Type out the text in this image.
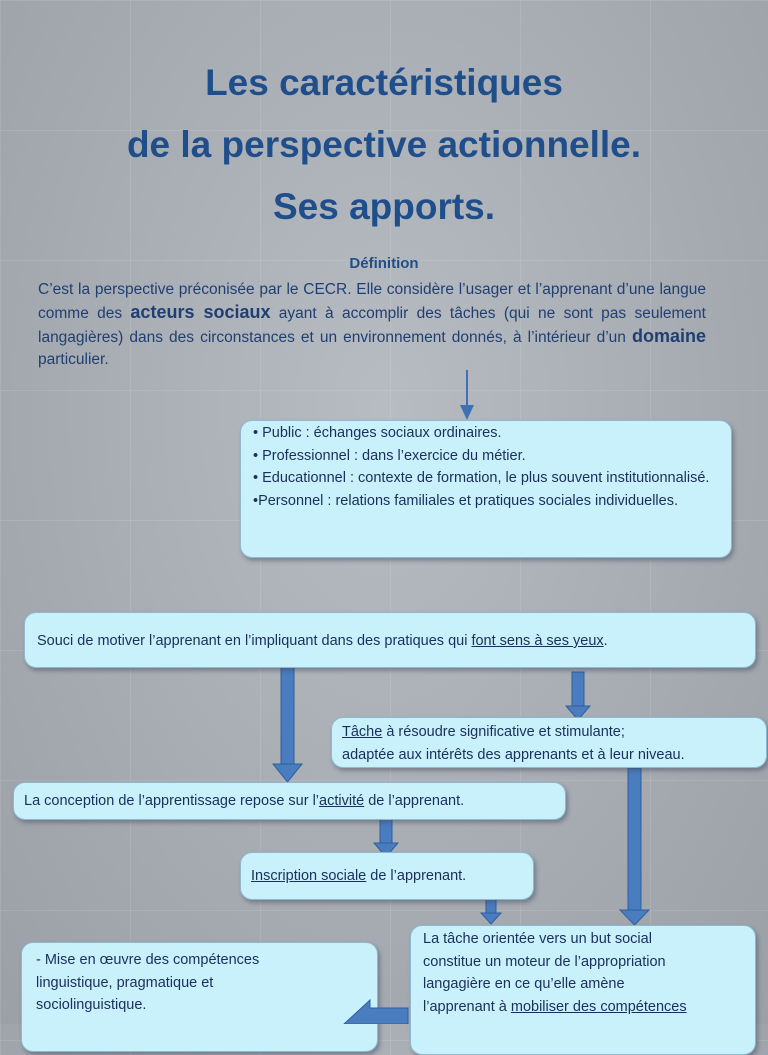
Les caractéristiques
de la perspective actionnelle.
Ses apports.
Définition
C’est la perspective préconisée par le CECR. Elle considère l’usager et l’apprenant d’une langue comme des acteurs sociaux ayant à accomplir des tâches (qui ne sont pas seulement langagières) dans des circonstances et un environnement donnés, à l’intérieur d’un domaine particulier.
• Public : échanges sociaux ordinaires.
• Professionnel : dans l’exercice du métier.
• Educationnel : contexte de formation, le plus souvent institutionnalisé.
•Personnel : relations familiales et pratiques sociales individuelles.
Souci de motiver l’apprenant en l’impliquant dans des pratiques qui font sens à ses yeux.
Tâche à résoudre significative et stimulante;
adaptée aux intérêts des apprenants et à leur niveau.
La conception de l’apprentissage repose sur l’activité de l’apprenant.
Inscription sociale de l’apprenant.
- Mise en œuvre des compétences
linguistique, pragmatique et
sociolinguistique.
La tâche orientée vers un but social
constitue un moteur de l’appropriation
langagière en ce qu’elle amène
l’apprenant à mobiliser des compétences
